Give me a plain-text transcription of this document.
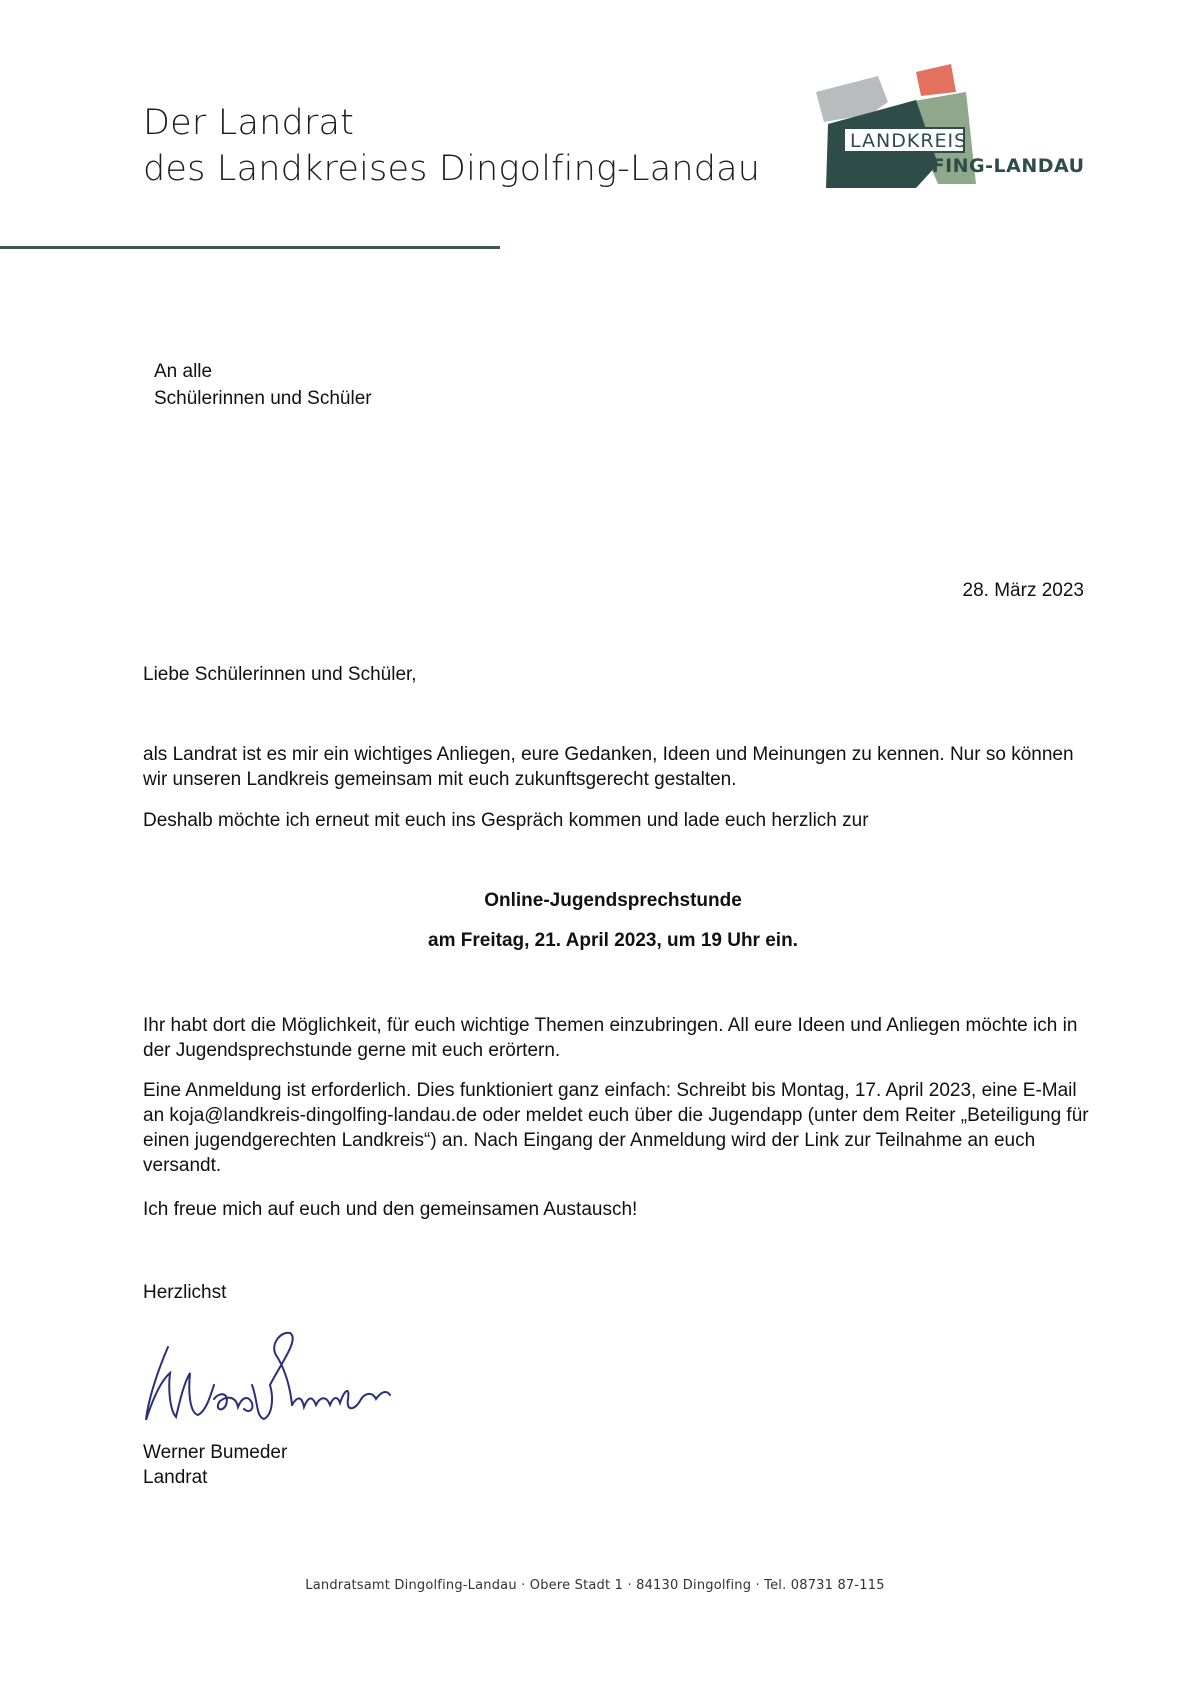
Der Landrat
des Landkreises Dingolfing-Landau
LANDKREIS
DINGOLFING-LANDAU
An alle
Schülerinnen und Schüler
28. März 2023
Liebe Schülerinnen und Schüler,

als Landrat ist es mir ein wichtiges Anliegen, eure Gedanken, Ideen und Meinungen zu kennen. Nur so können wir unseren Landkreis gemeinsam mit euch zukunftsgerecht gestalten.

Deshalb möchte ich erneut mit euch ins Gespräch kommen und lade euch herzlich zur

Online-Jugendsprechstunde
am Freitag, 21. April 2023, um 19 Uhr ein.

Ihr habt dort die Möglichkeit, für euch wichtige Themen einzubringen. All eure Ideen und Anliegen möchte ich in der Jugendsprechstunde gerne mit euch erörtern.

Eine Anmeldung ist erforderlich. Dies funktioniert ganz einfach: Schreibt bis Montag, 17. April 2023, eine E-Mail an koja@landkreis-dingolfing-landau.de oder meldet euch über die Jugendapp (unter dem Reiter „Beteiligung für einen jugendgerechten Landkreis“) an. Nach Eingang der Anmeldung wird der Link zur Teilnahme an euch versandt.

Ich freue mich auf euch und den gemeinsamen Austausch!

Herzlichst
Werner Bumeder
Landrat
Landratsamt Dingolfing-Landau · Obere Stadt 1 · 84130 Dingolfing · Tel. 08731 87-115
